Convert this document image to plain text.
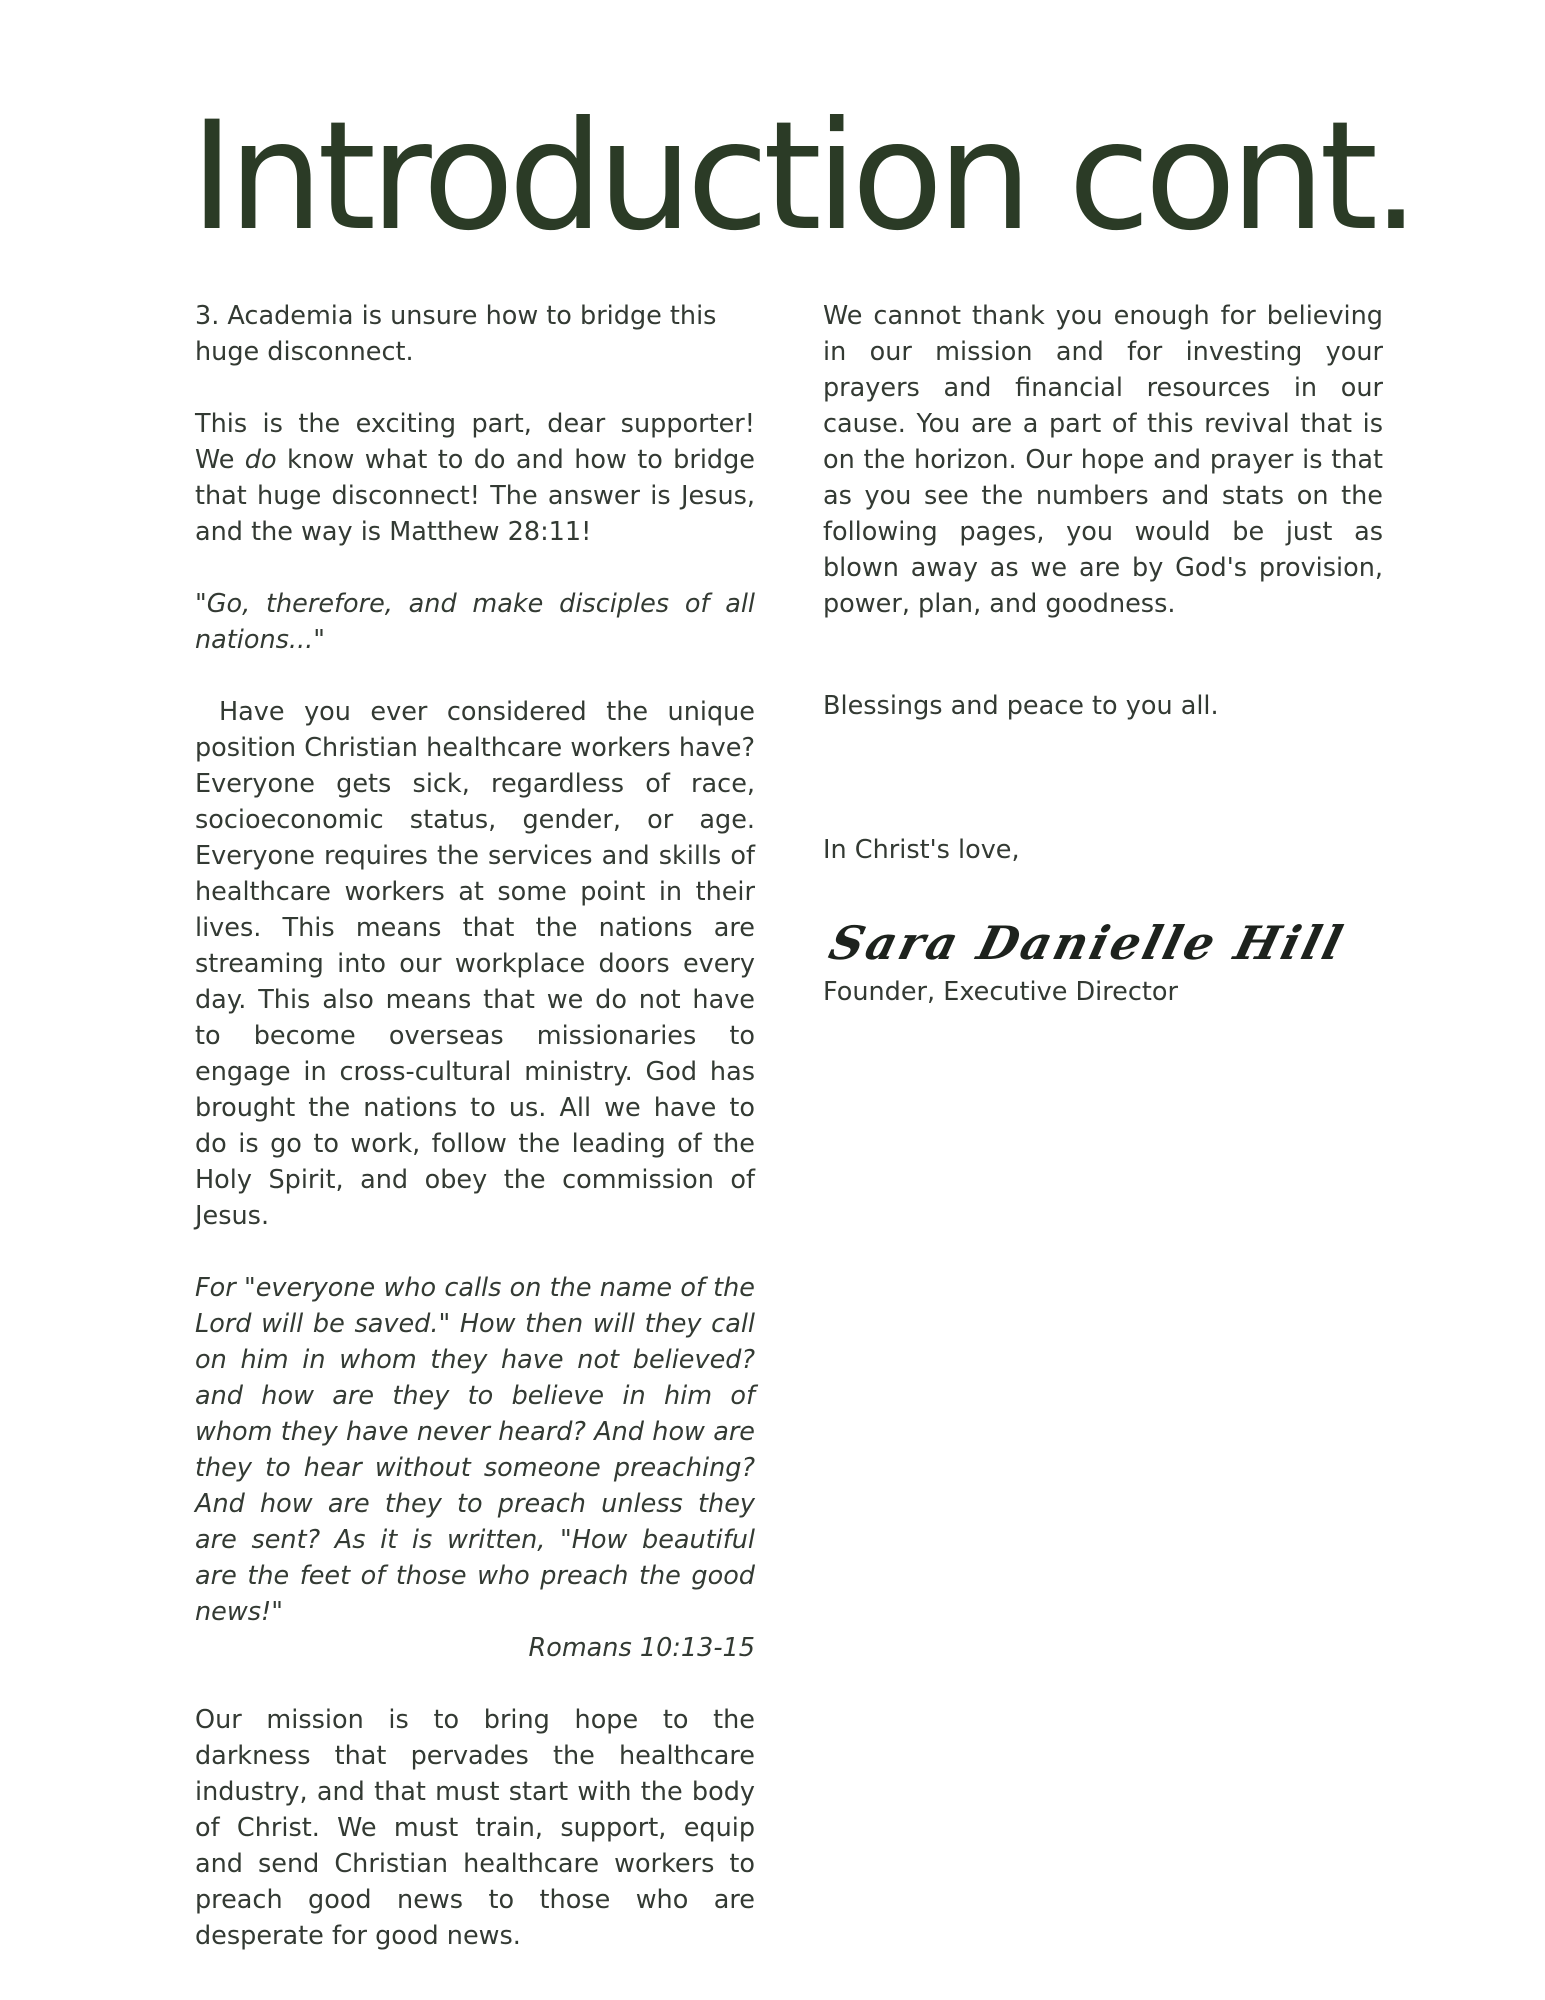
Introduction cont.

3. Academia is unsure how to bridge this huge disconnect.

This is the exciting part, dear supporter! We do know what to do and how to bridge that huge disconnect! The answer is Jesus, and the way is Matthew 28:11!

"Go, therefore, and make disciples of all nations..."

Have you ever considered the unique position Christian healthcare workers have? Everyone gets sick, regardless of race, socioeconomic status, gender, or age. Everyone requires the services and skills of healthcare workers at some point in their lives. This means that the nations are streaming into our workplace doors every day. This also means that we do not have to become overseas missionaries to engage in cross-cultural ministry. God has brought the nations to us. All we have to do is go to work, follow the leading of the Holy Spirit, and obey the commission of Jesus.

For "everyone who calls on the name of the Lord will be saved." How then will they call on him in whom they have not believed? and how are they to believe in him of whom they have never heard? And how are they to hear without someone preaching? And how are they to preach unless they are sent? As it is written, "How beautiful are the feet of those who preach the good news!"
Romans 10:13-15

Our mission is to bring hope to the darkness that pervades the healthcare industry, and that must start with the body of Christ. We must train, support, equip and send Christian healthcare workers to preach good news to those who are desperate for good news.

We cannot thank you enough for believing in our mission and for investing your prayers and financial resources in our cause. You are a part of this revival that is on the horizon. Our hope and prayer is that as you see the numbers and stats on the following pages, you would be just as blown away as we are by God's provision, power, plan, and goodness.

Blessings and peace to you all.

In Christ's love,

Sara Danielle Hill

Founder, Executive Director
